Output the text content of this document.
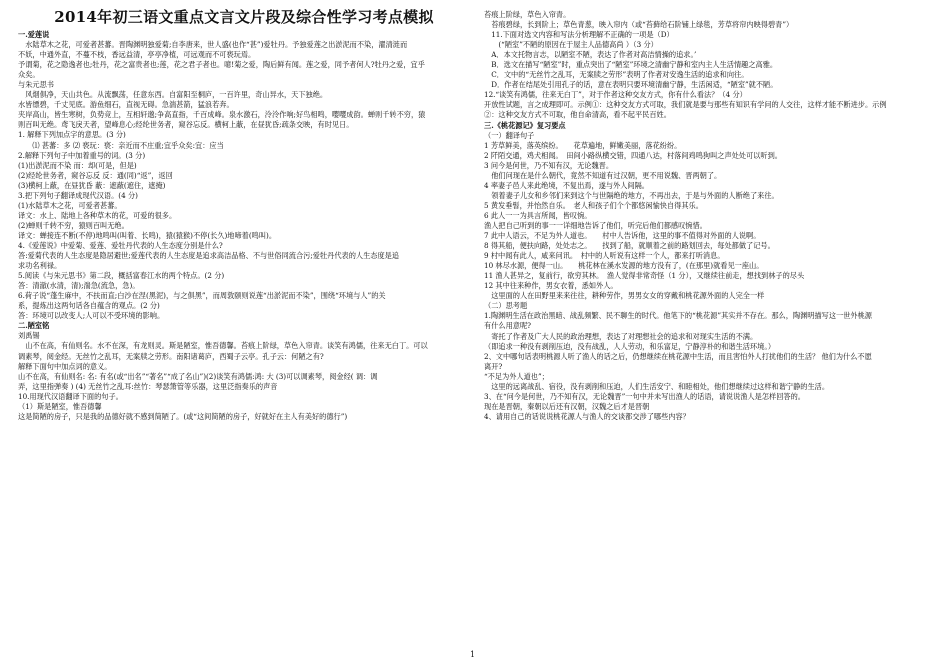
2014年初三语文重点文言文片段及综合性学习考点模拟
一.爱莲说
　水陆草木之花，可爱者甚蕃。晋陶渊明独爱菊;自李唐来，世人盛(也作“甚”)爱牡丹。予独爱莲之出淤泥而不染，濯清涟而
不妖，中通外直，不蔓不枝，香远益清，亭亭净植，可远观而不可亵玩焉。
予谓菊，花之隐逸者也;牡丹，花之富贵者也;莲，花之君子者也。噫!菊之爱，陶后鲜有闻。莲之爱，同予者何人?牡丹之爱，宜乎
众矣。
与朱元思书
　风烟俱净，天山共色。从流飘荡，任意东西。自富阳至桐庐，一百许里，奇山异水，天下独绝。
水皆缥碧，千丈见底。游鱼细石，直视无碍。急湍甚箭，猛浪若奔。
夹岸高山，皆生寒树，负势竞上，互相轩邈;争高直指，千百成峰。泉水激石，泠泠作响;好鸟相鸣，嘤嘤成韵。蝉则千转不穷，猿
则百叫无绝。鸢飞戾天者，望峰息心;经纶世务者，窥谷忘反。横柯上蔽，在昼犹昏;疏条交映，有时见日。
1. 解释下列加点字的意思。(3 分)
　　⑴ 甚蕃：多 ⑵ 亵玩：亵：亲近而不庄重;宜乎众矣:宜：应当
2.解释下列句子中加着重号的词。(3 分)
(1)出淤泥而不染 而：却(可是，但是)
(2)经纶世务者，窥谷忘反 反：通(同)“返”，返回
(3)横柯上蔽，在昼犹昏 蔽：遮蔽(遮住，遮掩)
3.把下列句子翻译成现代汉语。(4 分)
(1)水陆草木之花，可爱者甚蕃。
译文：水上、陆地上各种草木的花，可爱的很多。
(2)蝉则千转不穷，猿则百叫无绝。
译文：蝉接连不断(不停)地鸣叫(叫着、长鸣)，猿(猿猴)不停(长久)地啼着(鸣叫)。
4.《爱莲说》中爱菊、爱莲、爱牡丹代表的人生态度分别是什么?
答:爱菊代表的人生态度是隐居避世;爱莲代表的人生态度是追求高洁品格、不与世俗同流合污;爱牡丹代表的人生态度是追
求功名利禄。
5.阅读《与朱元思书》第二段，概括富春江水的两个特点。(2 分)
答：清澈(水清，清);湍急(流急，急)。
6.荷子说“蓬生麻中，不扶而直;白沙在涅(黑泥)，与之俱黑”，而周敦颐则说莲“出淤泥而不染”，围绕“环境与人”的关
系，提炼出这两句话各自蕴含的观点。(2 分)
答：环境可以改变人;人可以不受环境的影响。
二.陋室铭
刘禹锡
　山不在高，有仙则名。水不在深，有龙则灵。斯是陋室，惟吾德馨。苔痕上阶绿，草色入帘青。谈笑有鸿儒，往来无白丁。可以
调素琴，阅金经。无丝竹之乱耳，无案牍之劳形。南阳诸葛庐，西蜀子云亭。孔子云：何陋之有?
解释下面句中加点词的意义。
山不在高，有仙则名: 名: 有名(或“出名”“著名”“成了名山”)(2)谈笑有鸿儒:鸿: 大 (3)可以调素琴，阅金经( 调：调
弄，这里指弹奏 ) (4) 无丝竹之乱耳:丝竹：琴瑟箫管等乐器，这里泛指奏乐的声音
10.用现代汉语翻译下面的句子。
（1）斯是陋室，惟吾德馨
这是简陋的房子，只是我的品德好就不感到简陋了。(或“这间简陋的房子，好就好在主人有美好的德行”)
苔痕上阶绿，草色入帘青。
　苔痕碧绿，长到阶上；草色青葱，映入帘内（或“苔藓给石阶铺上绿毯，芳草将帘内映得碧青”）
　11.下面对选文内容和写法分析理解不正确的一项是（D）
　　(“陋室”不陋的原因在于屋主人品德高尚 ）（3 分）
　A．本文托物言志，以陋室不陋，表达了作者对高洁情操的追求。’
　B．选文在描写“陋室”时，重点突出了“陋室”环境之清幽宁静和室内主人生活情趣之高雅。
　C．文中的“无丝竹之乱耳，无案牍之劳形”表明了作者对安逸生活的追求和向往。
　D．作者在结尾处引用孔子的话，意在表明只要环境清幽宁静，生活闲适，“陋室”就不陋。
12.“谈笑有鸿儒，往来无白丁”，对于作者这种交友方式，你有什么看法？（4 分）
开放性试题，言之成理即可。示例①：这种交友方式可取，我们就是要与那些有知识有学问的人交往，这样才能不断进步。示例
②：这种交友方式不可取，他自命清高，看不起平民百姓。
三.《桃花源记》复习要点
（一）翻译句子
1 芳草鲜美，落英缤纷。　　花草遍地，鲜嫩美丽，落花纷纷。
2 阡陌交通，鸡犬相闻。　田间小路纵横交错，四通八达，村落间鸡鸣狗叫之声处处可以听到。
3 问今是何世，乃不知有汉，无论魏晋。
　他们问现在是什么朝代，竟然不知道有过汉朝，更不用说魏、晋两朝了。
4 率妻子邑人来此绝境，不复出焉，遂与外人间隔。
　领着妻子儿女和乡邻们来到这个与世隔绝的地方，不再出去，于是与外面的人断绝了来往。
5 黄发垂髫，并怡然自乐。　老人和孩子们个个都悠闲愉快自得其乐。
6 此人一一为具言所闻，皆叹惋。
渔人把自己听到的事一一详细地告诉了他们，听完后他们都感叹惋惜。
7 此中人语云，不足为外人道也。　　村中人告诉他，这里的事不值得对外面的人说啊。
8 得其船，便扶向路，处处志之。　　找到了船，就顺着之前的路划回去，每处都做了记号。
9 村中闻有此人，咸来问讯。　村中的人听说有这样一个人，都来打听消息。
10 林尽水源，便得一山。　　桃花林在溪水发源的地方没有了，(在那里)就看见一座山。
11 渔人甚异之，复前行，欲穷其林。　渔人觉得非常奇怪（1 分），又继续往前走，想找到林子的尽头
12 其中往来种作，男女衣着，悉如外人。
　这里面的人在田野里来来往往，耕种劳作，男男女女的穿戴和桃花源外面的人完全一样
（二）思考题
1.陶渊明生活在政治黑暗、战乱频繁、民不聊生的时代。他笔下的“桃花源”其实并不存在。那么，陶渊明描写这一世外桃源
有什么用意呢?
　寄托了作者及广大人民的政治理想，表达了对理想社会的追求和对现实生活的不满。
（即追求一种没有剥削压迫，没有战乱，人人劳动，和乐富足，宁静淳朴的和谐生活环境。）
2、文中哪句话表明桃源人听了渔人的话之后，仍想继续在桃花源中生活，而且害怕外人打扰他们的生活？ 他们为什么不愿
离开?
“不足为外人道也”；
　这里的远离战乱、宿役，没有剥削和压迫，人们生活安宁、和睦相处，他们想继续过这样和谐宁静的生活。
3、在“问今是何世，乃不知有汉，无论魏晋”一句中并未写出渔人的话语，请说说渔人是怎样回答的。
现在是晋朝，秦朝以后还有汉朝，汉魏之后才是晋朝
4、请用自己的话说说桃花源人与渔人的交谈都交涉了哪些内容？
1
